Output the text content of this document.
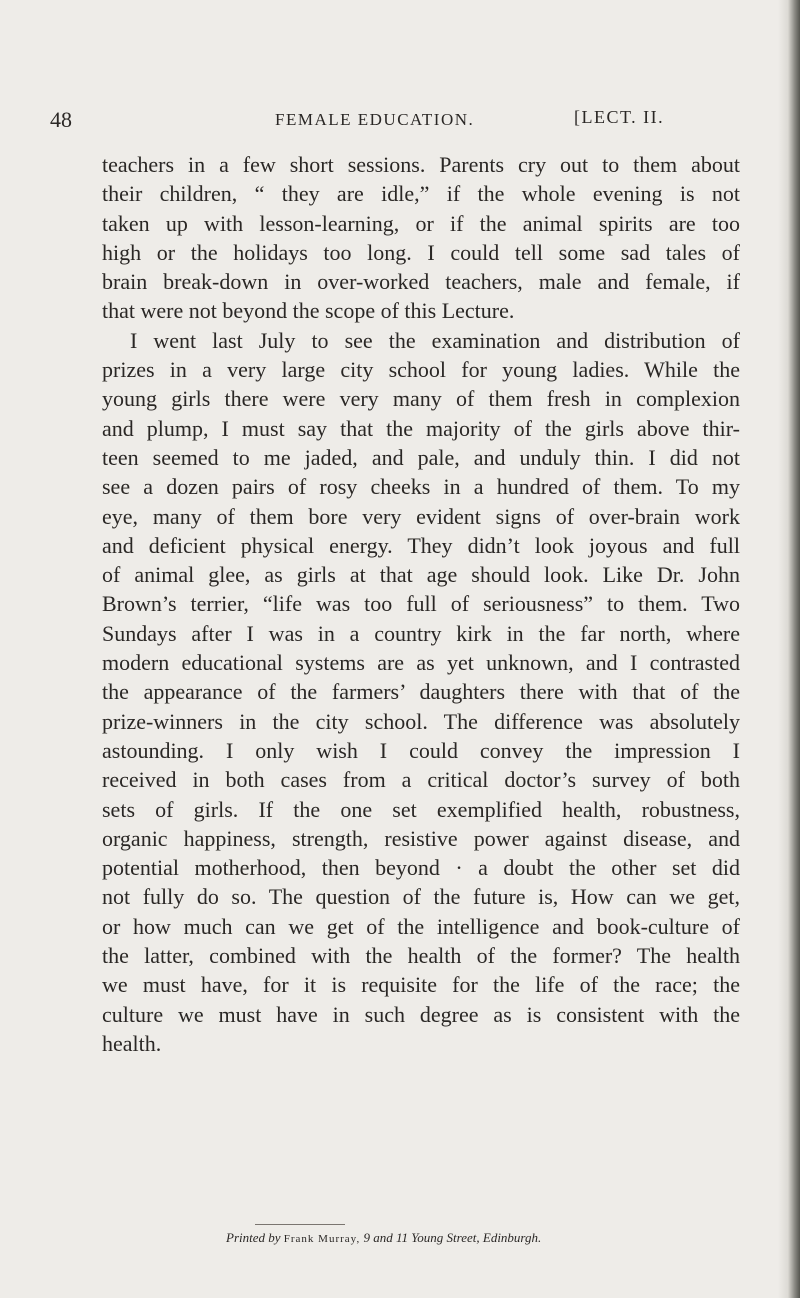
48	FEMALE EDUCATION.	[LECT. II.
teachers in a few short sessions. Parents cry out to them about
their children, “ they are idle,” if the whole evening is not
taken up with lesson-learning, or if the animal spirits are too
high or the holidays too long. I could tell some sad tales of
brain break-down in over-worked teachers, male and female, if
that were not beyond the scope of this Lecture.
I went last July to see the examination and distribution of
prizes in a very large city school for young ladies. While the
young girls there were very many of them fresh in complexion
and plump, I must say that the majority of the girls above thir-
teen seemed to me jaded, and pale, and unduly thin. I did not
see a dozen pairs of rosy cheeks in a hundred of them. To my
eye, many of them bore very evident signs of over-brain work
and deficient physical energy. They didn’t look joyous and full
of animal glee, as girls at that age should look. Like Dr. John
Brown’s terrier, “life was too full of seriousness” to them. Two
Sundays after I was in a country kirk in the far north, where
modern educational systems are as yet unknown, and I contrasted
the appearance of the farmers’ daughters there with that of the
prize-winners in the city school. The difference was absolutely
astounding. I only wish I could convey the impression I
received in both cases from a critical doctor’s survey of both
sets of girls. If the one set exemplified health, robustness,
organic happiness, strength, resistive power against disease, and
potential motherhood, then beyond · a doubt the other set did
not fully do so. The question of the future is, How can we get,
or how much can we get of the intelligence and book-culture of
the latter, combined with the health of the former? The health
we must have, for it is requisite for the life of the race; the
culture we must have in such degree as is consistent with the
health.
Printed by Frank Murray, 9 and 11 Young Street, Edinburgh.
